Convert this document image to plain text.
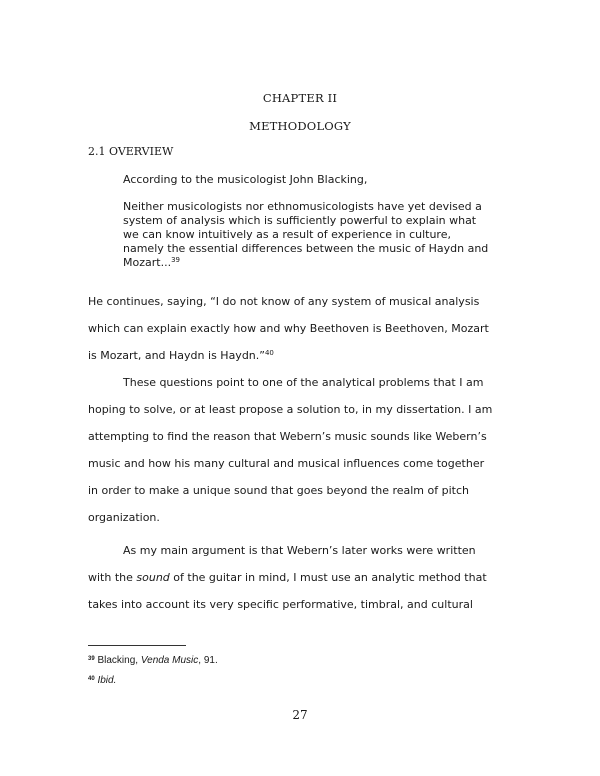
CHAPTER II
METHODOLOGY
2.1 OVERVIEW
According to the musicologist John Blacking,
Neither musicologists nor ethnomusicologists have yet devised a
system of analysis which is sufficiently powerful to explain what
we can know intuitively as a result of experience in culture,
namely the essential differences between the music of Haydn and
Mozart...$^{39}$
He continues, saying, “I do not know of any system of musical analysis
which can explain exactly how and why Beethoven is Beethoven, Mozart
is Mozart, and Haydn is Haydn.”$^{40}$
These questions point to one of the analytical problems that I am
hoping to solve, or at least propose a solution to, in my dissertation. I am
attempting to find the reason that Webern’s music sounds like Webern’s
music and how his many cultural and musical influences come together
in order to make a unique sound that goes beyond the realm of pitch
organization.
As my main argument is that Webern’s later works were written
with the sound of the guitar in mind, I must use an analytic method that
takes into account its very specific performative, timbral, and cultural
$^{39}$ Blacking, Venda Music, 91.
$^{40}$ Ibid.
27
